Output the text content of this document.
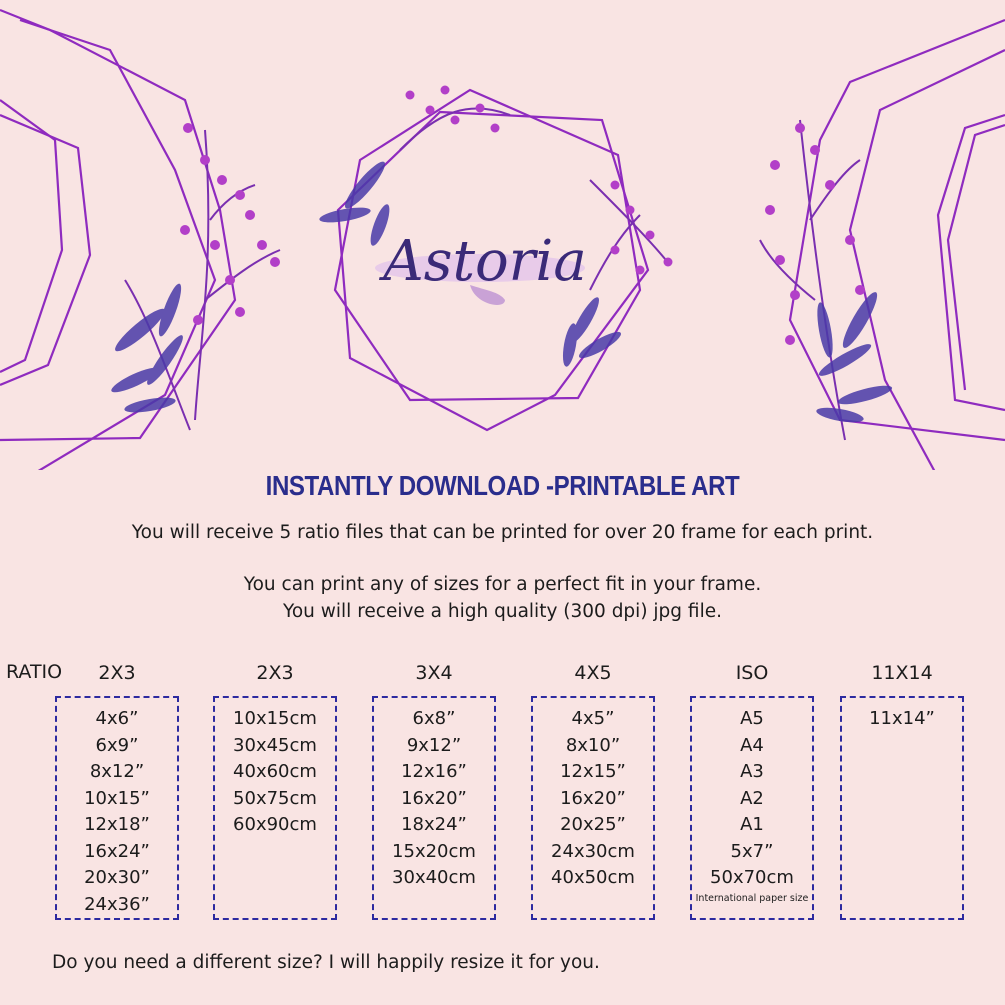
Astoria
INSTANTLY DOWNLOAD -PRINTABLE ART

You will receive 5 ratio files that can be printed for over 20 frame for each print.

You can print any of sizes for a perfect fit in your frame.

You will receive a high quality (300 dpi) jpg file.

RATIO	2X3
4x6”
6x9”
8x12”
10x15”
12x18”
16x24”
20x30”
24x36”
2X3
10x15cm
30x45cm
40x60cm
50x75cm
60x90cm
3X4
6x8”
9x12”
12x16”
16x20”
18x24”
15x20cm
30x40cm
4X5
4x5”
8x10”
12x15”
16x20”
20x25”
24x30cm
40x50cm
ISO
A5
A4
A3
A2
A1
5x7”
50x70cm
International paper size
11X14
11x14”

Do you need a different size? I will happily resize it for you.
